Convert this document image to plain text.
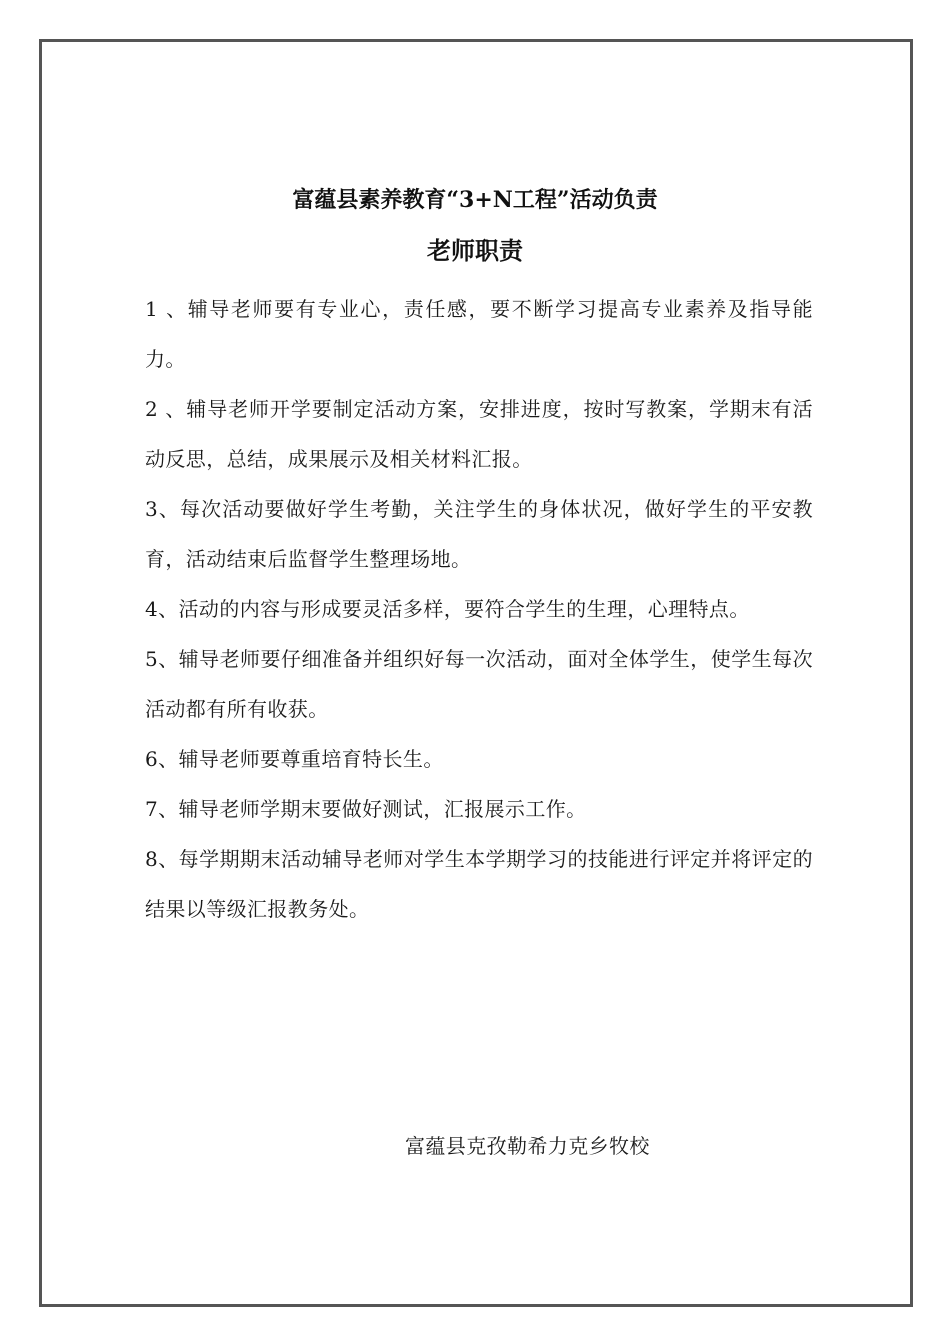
富蕴县素养教育“3+N工程”活动负责
老师职责
1 、辅导老师要有专业心，责任感，要不断学习提高专业素养及指导能力。
2 、辅导老师开学要制定活动方案，安排进度，按时写教案，学期末有活动反思，总结，成果展示及相关材料汇报。
3、每次活动要做好学生考勤，关注学生的身体状况，做好学生的平安教育，活动结束后监督学生整理场地。
4、活动的内容与形成要灵活多样，要符合学生的生理，心理特点。
5、辅导老师要仔细准备并组织好每一次活动，面对全体学生，使学生每次活动都有所有收获。
6、辅导老师要尊重培育特长生。
7、辅导老师学期末要做好测试，汇报展示工作。
8、每学期期末活动辅导老师对学生本学期学习的技能进行评定并将评定的结果以等级汇报教务处。
富蕴县克孜勒希力克乡牧校
